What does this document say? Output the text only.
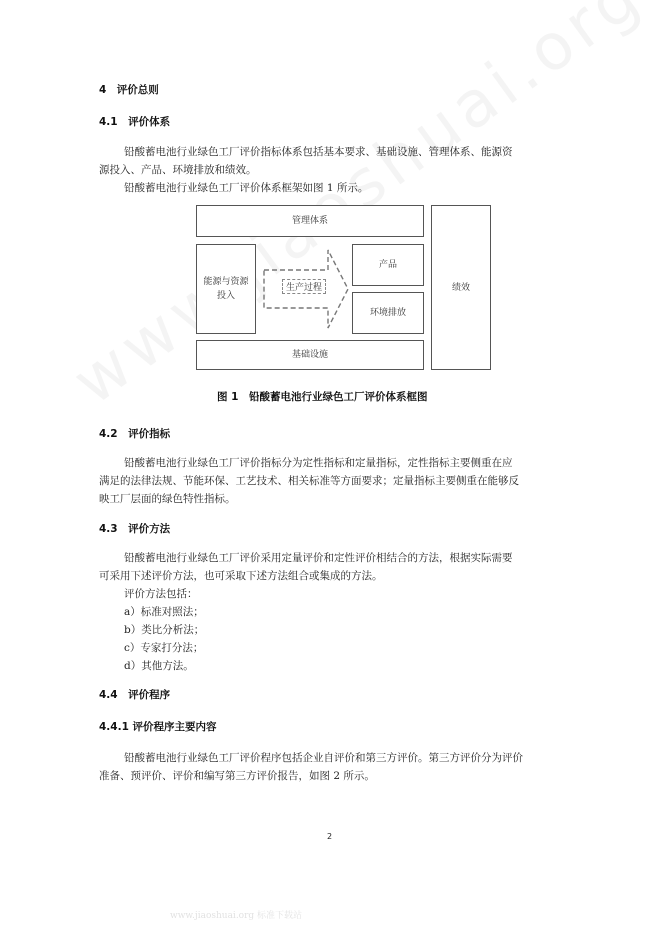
4　评价总则
4.1　评价体系
铅酸蓄电池行业绿色工厂评价指标体系包括基本要求、基础设施、管理体系、能源资
源投入、产品、环境排放和绩效。
铅酸蓄电池行业绿色工厂评价体系框架如图 1 所示。
管理体系
能源与资源
投入
生产过程
产品
环境排放
基础设施
绩效
图 1　铅酸蓄电池行业绿色工厂评价体系框图
4.2　评价指标
铅酸蓄电池行业绿色工厂评价指标分为定性指标和定量指标，定性指标主要侧重在应
满足的法律法规、节能环保、工艺技术、相关标准等方面要求；定量指标主要侧重在能够反
映工厂层面的绿色特性指标。
4.3　评价方法
铅酸蓄电池行业绿色工厂评价采用定量评价和定性评价相结合的方法，根据实际需要
可采用下述评价方法，也可采取下述方法组合或集成的方法。
评价方法包括：
a）标准对照法；
b）类比分析法；
c）专家打分法；
d）其他方法。
4.4　评价程序
4.4.1 评价程序主要内容
铅酸蓄电池行业绿色工厂评价程序包括企业自评价和第三方评价。第三方评价分为评价
准备、预评价、评价和编写第三方评价报告，如图 2 所示。
2
www.jiaoshuai.org 标准下载站
